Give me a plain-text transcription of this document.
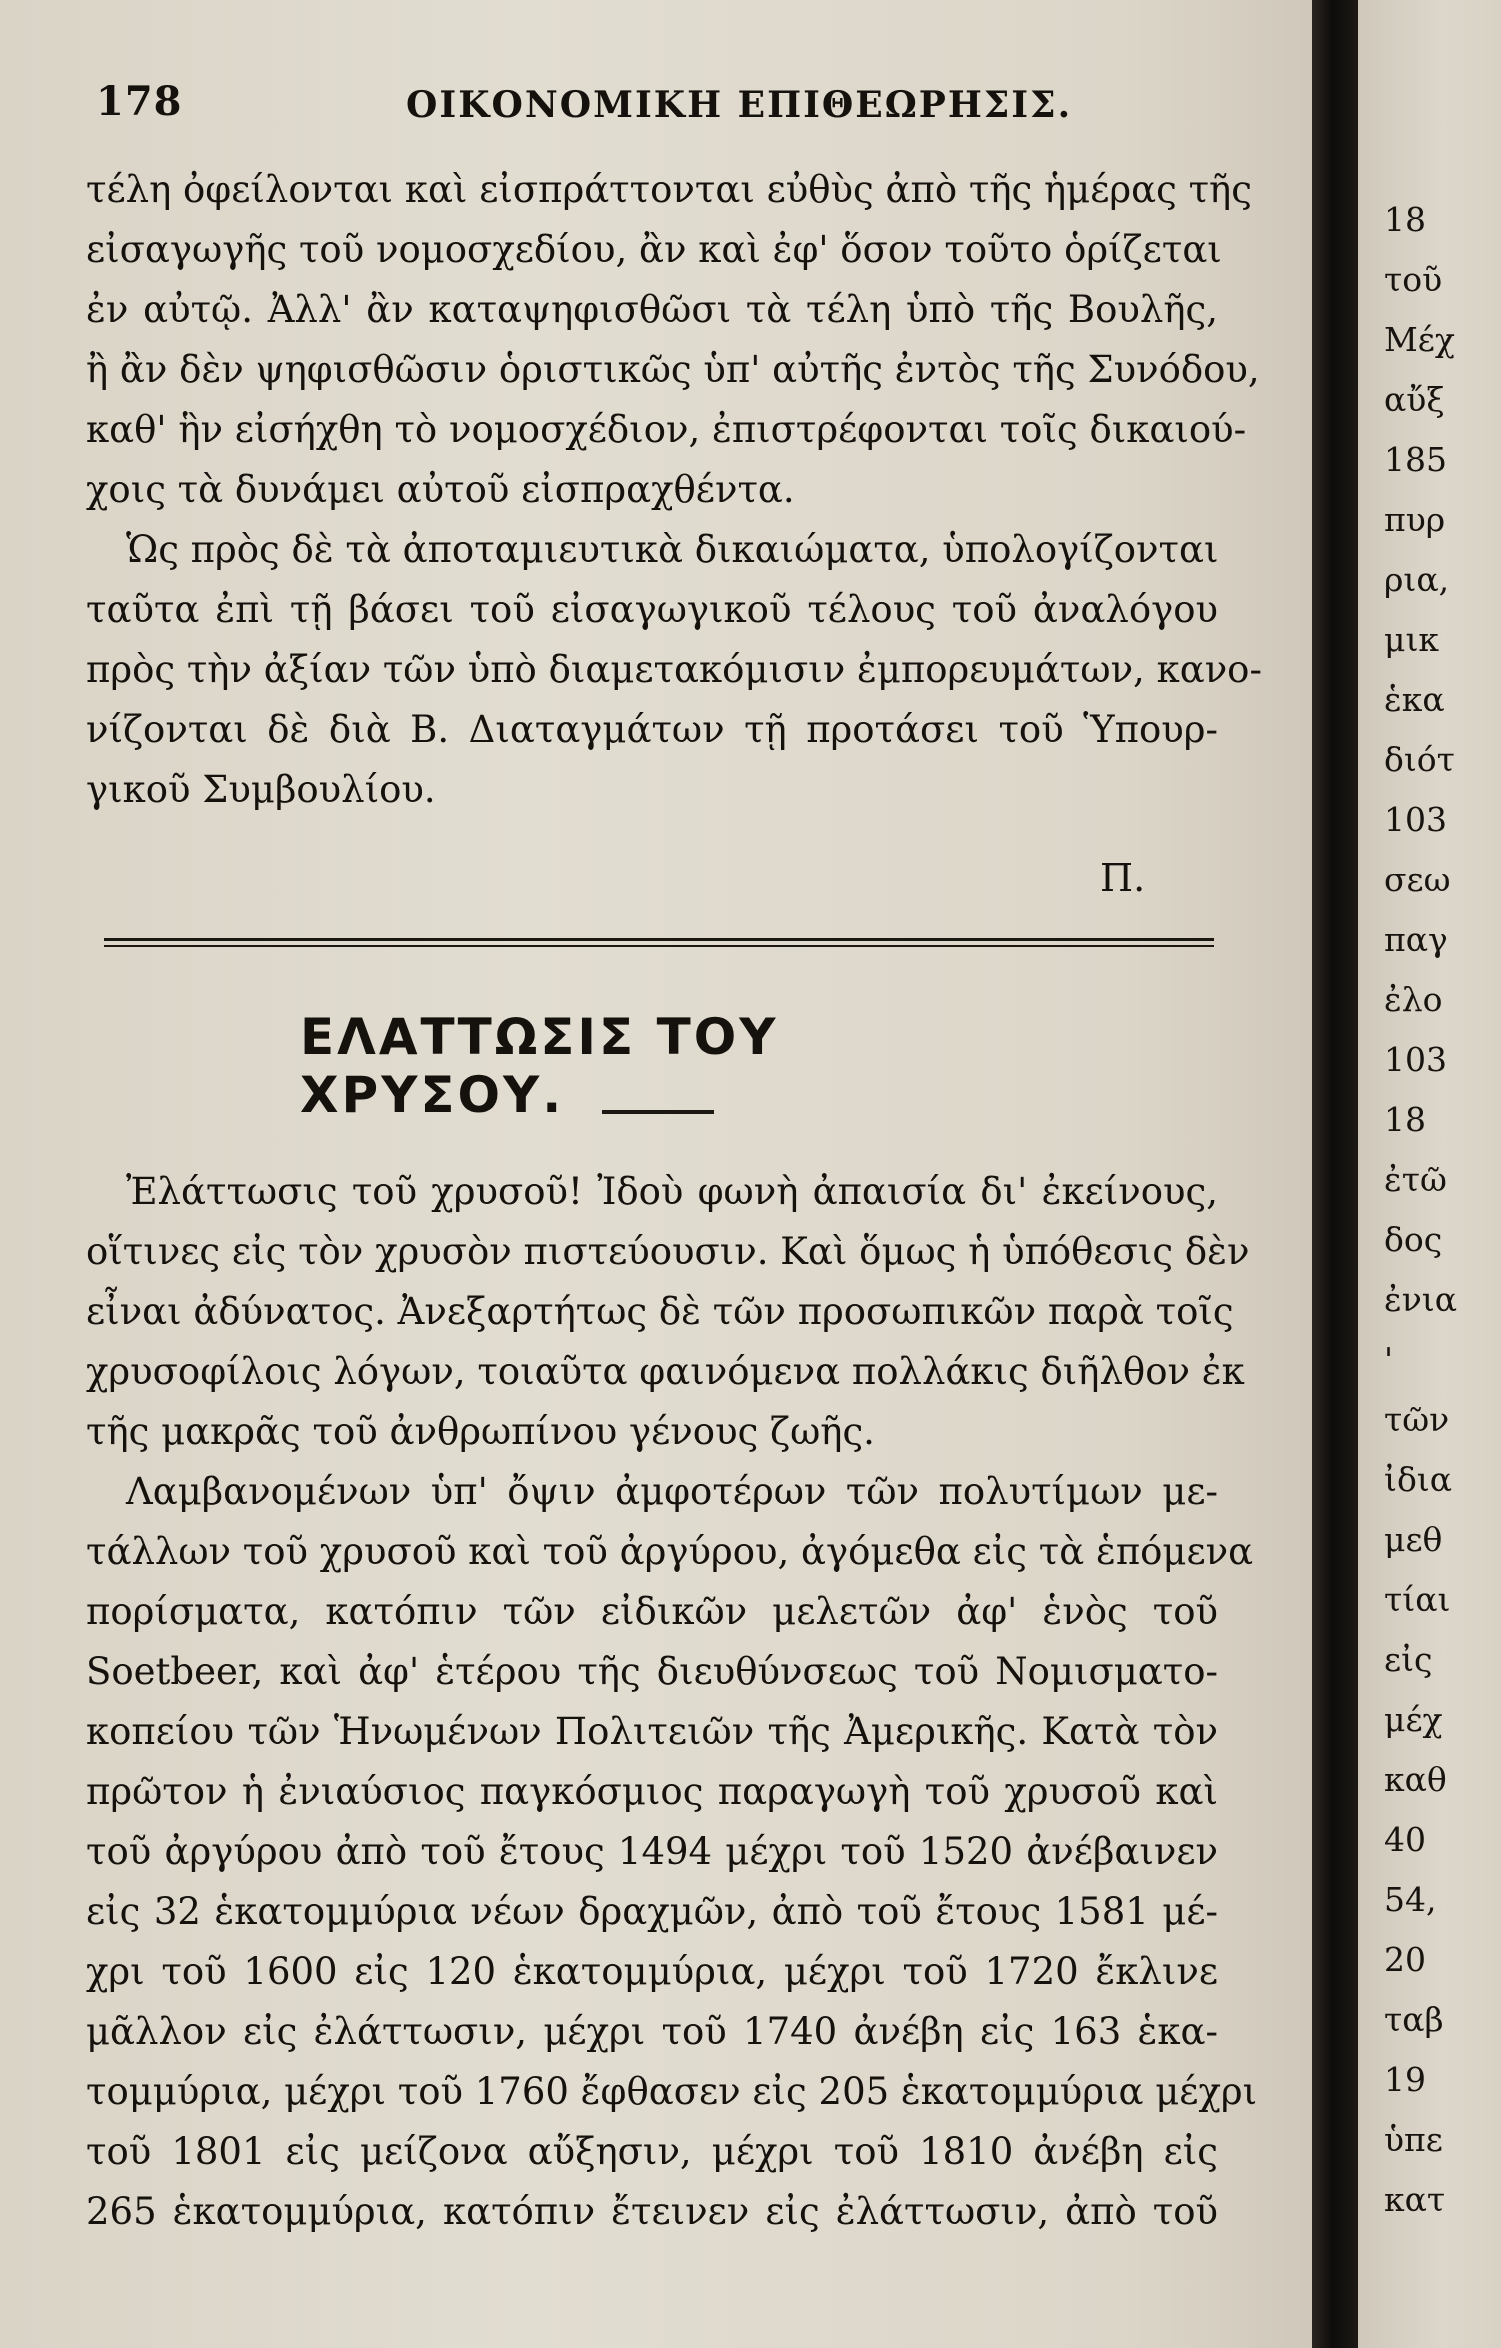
178	ΟΙΚΟΝΟΜΙΚΗ ΕΠΙΘΕΩΡΗΣΙΣ.
τέλη ὀφείλονται καὶ εἰσπράττονται εὐθὺς ἀπὸ τῆς ἡμέρας τῆς
εἰσαγωγῆς τοῦ νομοσχεδίου, ἂν καὶ ἐφ' ὅσον τοῦτο ὁρίζεται
ἐν αὐτῷ. Ἀλλ' ἂν καταψηφισθῶσι τὰ τέλη ὑπὸ τῆς Βουλῆς,
ἢ ἂν δὲν ψηφισθῶσιν ὁριστικῶς ὑπ' αὐτῆς ἐντὸς τῆς Συνόδου,
καθ' ἣν εἰσήχθη τὸ νομοσχέδιον, ἐπιστρέφονται τοῖς δικαιού-
χοις τὰ δυνάμει αὐτοῦ εἰσπραχθέντα.
Ὡς πρὸς δὲ τὰ ἀποταμιευτικὰ δικαιώματα, ὑπολογίζονται
ταῦτα ἐπὶ τῇ βάσει τοῦ εἰσαγωγικοῦ τέλους τοῦ ἀναλόγου
πρὸς τὴν ἀξίαν τῶν ὑπὸ διαμετακόμισιν ἐμπορευμάτων, κανο-
νίζονται δὲ διὰ Β. Διαταγμάτων τῇ προτάσει τοῦ Ὑπουρ-
γικοῦ Συμβουλίου.
Π.
ΕΛΑΤΤΩΣΙΣ ΤΟΥ ΧΡΥΣΟΥ.
Ἐλάττωσις τοῦ χρυσοῦ! Ἰδοὺ φωνὴ ἀπαισία δι' ἐκείνους,
οἵτινες εἰς τὸν χρυσὸν πιστεύουσιν. Καὶ ὅμως ἡ ὑπόθεσις δὲν
εἶναι ἀδύνατος. Ἀνεξαρτήτως δὲ τῶν προσωπικῶν παρὰ τοῖς
χρυσοφίλοις λόγων, τοιαῦτα φαινόμενα πολλάκις διῆλθον ἐκ
τῆς μακρᾶς τοῦ ἀνθρωπίνου γένους ζωῆς.
Λαμβανομένων ὑπ' ὄψιν ἀμφοτέρων τῶν πολυτίμων με-
τάλλων τοῦ χρυσοῦ καὶ τοῦ ἀργύρου, ἀγόμεθα εἰς τὰ ἑπόμενα
πορίσματα, κατόπιν τῶν εἰδικῶν μελετῶν ἀφ' ἑνὸς τοῦ
Soetbeer, καὶ ἀφ' ἑτέρου τῆς διευθύνσεως τοῦ Νομισματο-
κοπείου τῶν Ἡνωμένων Πολιτειῶν τῆς Ἀμερικῆς. Κατὰ τὸν
πρῶτον ἡ ἐνιαύσιος παγκόσμιος παραγωγὴ τοῦ χρυσοῦ καὶ
τοῦ ἀργύρου ἀπὸ τοῦ ἔτους 1494 μέχρι τοῦ 1520 ἀνέβαινεν
εἰς 32 ἑκατομμύρια νέων δραχμῶν, ἀπὸ τοῦ ἔτους 1581 μέ-
χρι τοῦ 1600 εἰς 120 ἑκατομμύρια, μέχρι τοῦ 1720 ἔκλινε
μᾶλλον εἰς ἐλάττωσιν, μέχρι τοῦ 1740 ἀνέβη εἰς 163 ἑκα-
τομμύρια, μέχρι τοῦ 1760 ἔφθασεν εἰς 205 ἑκατομμύρια μέχρι
τοῦ 1801 εἰς μείζονα αὔξησιν, μέχρι τοῦ 1810 ἀνέβη εἰς
265 ἑκατομμύρια, κατόπιν ἔτεινεν εἰς ἐλάττωσιν, ἀπὸ τοῦ
18
τοῦ
Μέχ
αὔξ
185
πυρ
ρια,
μικ
ἑκα
διότ
103
σεω
παγ
ἐλο
103
18
ἐτῶ
δος
ἐνια
'
τῶν
ἰδια
μεθ
τίαι
εἰς
μέχ
καθ
40
54,
20
ταβ
19
ὑπε
κατ
